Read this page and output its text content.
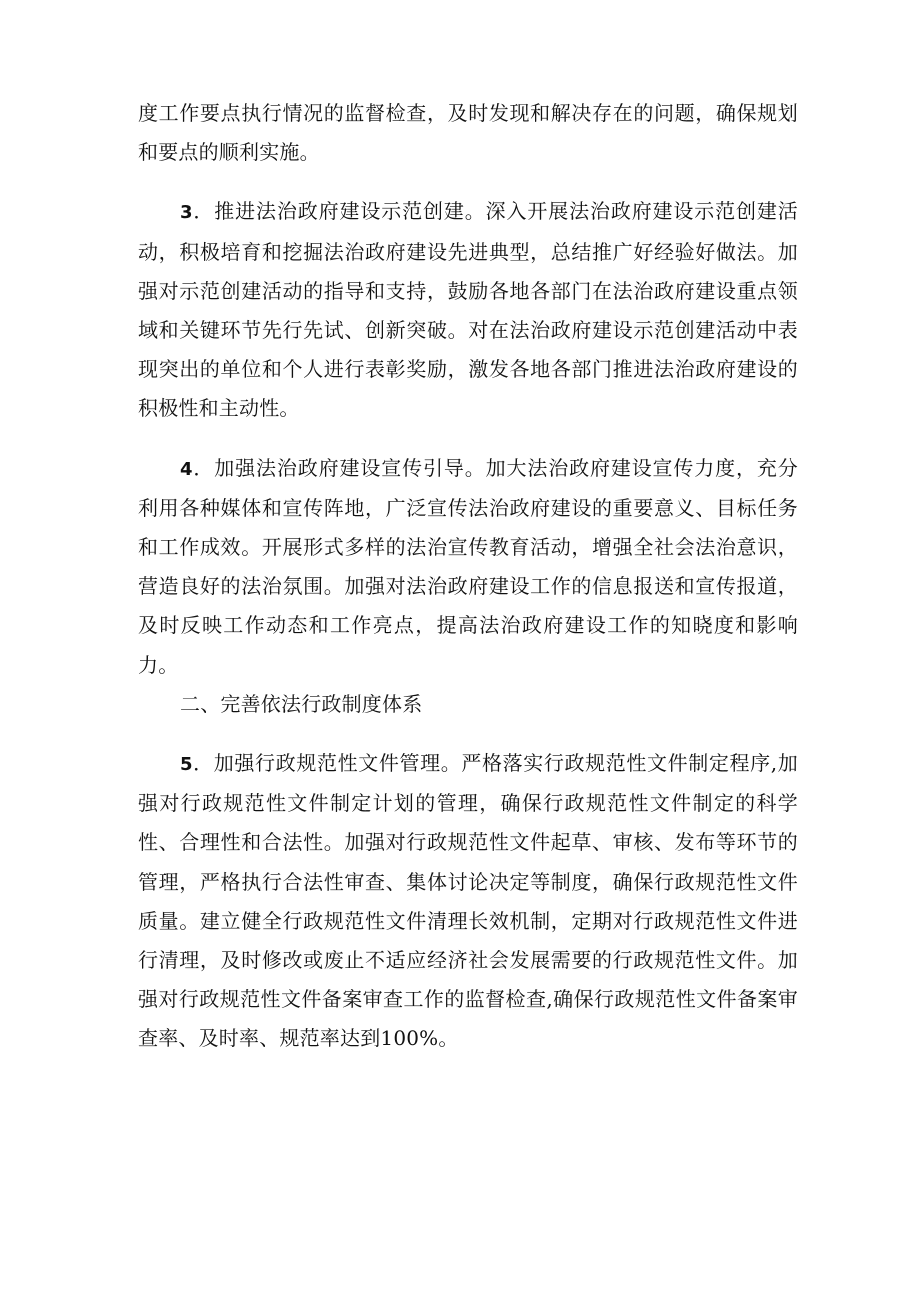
度工作要点执行情况的监督检查，及时发现和解决存在的问题，确保规划和要点的顺利实施。

3．推进法治政府建设示范创建。深入开展法治政府建设示范创建活动，积极培育和挖掘法治政府建设先进典型，总结推广好经验好做法。加强对示范创建活动的指导和支持，鼓励各地各部门在法治政府建设重点领域和关键环节先行先试、创新突破。对在法治政府建设示范创建活动中表现突出的单位和个人进行表彰奖励，激发各地各部门推进法治政府建设的积极性和主动性。

4．加强法治政府建设宣传引导。加大法治政府建设宣传力度，充分利用各种媒体和宣传阵地，广泛宣传法治政府建设的重要意义、目标任务和工作成效。开展形式多样的法治宣传教育活动，增强全社会法治意识，营造良好的法治氛围。加强对法治政府建设工作的信息报送和宣传报道，及时反映工作动态和工作亮点，提高法治政府建设工作的知晓度和影响力。

二、完善依法行政制度体系

5．加强行政规范性文件管理。严格落实行政规范性文件制定程序,加强对行政规范性文件制定计划的管理，确保行政规范性文件制定的科学性、合理性和合法性。加强对行政规范性文件起草、审核、发布等环节的管理，严格执行合法性审查、集体讨论决定等制度，确保行政规范性文件质量。建立健全行政规范性文件清理长效机制，定期对行政规范性文件进行清理，及时修改或废止不适应经济社会发展需要的行政规范性文件。加强对行政规范性文件备案审查工作的监督检查,确保行政规范性文件备案审查率、及时率、规范率达到100%。
